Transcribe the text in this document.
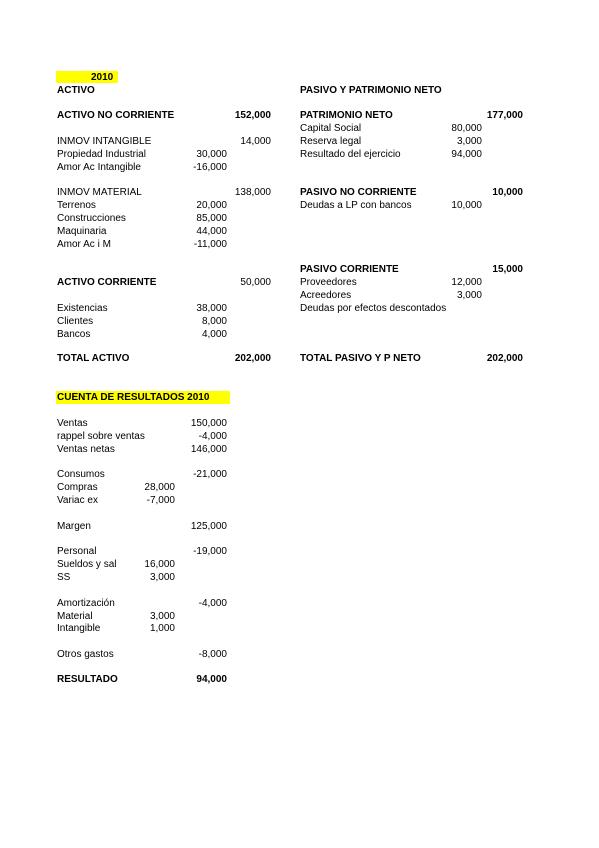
2010
ACTIVO	PASIVO Y PATRIMONIO NETO
ACTIVO NO CORRIENTE	152,000
INMOV INTANGIBLE	14,000
Propiedad Industrial	30,000
Amor Ac Intangible	-16,000
INMOV MATERIAL	138,000
Terrenos	20,000
Construcciones	85,000
Maquinaria	44,000
Amor Ac i M	-11,000
ACTIVO CORRIENTE	50,000
Existencias	38,000
Clientes	8,000
Bancos	4,000
TOTAL ACTIVO	202,000
PATRIMONIO NETO	177,000
Capital Social	80,000
Reserva legal	3,000
Resultado del ejercicio	94,000
PASIVO NO CORRIENTE	10,000
Deudas a LP con bancos	10,000
PASIVO CORRIENTE	15,000
Proveedores	12,000
Acreedores	3,000
Deudas por efectos descontados
TOTAL PASIVO Y P NETO	202,000
CUENTA DE RESULTADOS 2010
Ventas	150,000
rappel sobre ventas	-4,000
Ventas netas	146,000
Consumos	-21,000
Compras	28,000
Variac ex	-7,000
Margen	125,000
Personal	-19,000
Sueldos y sal	16,000
SS	3,000
Amortización	-4,000
Material	3,000
Intangible	1,000
Otros gastos	-8,000
RESULTADO	94,000
